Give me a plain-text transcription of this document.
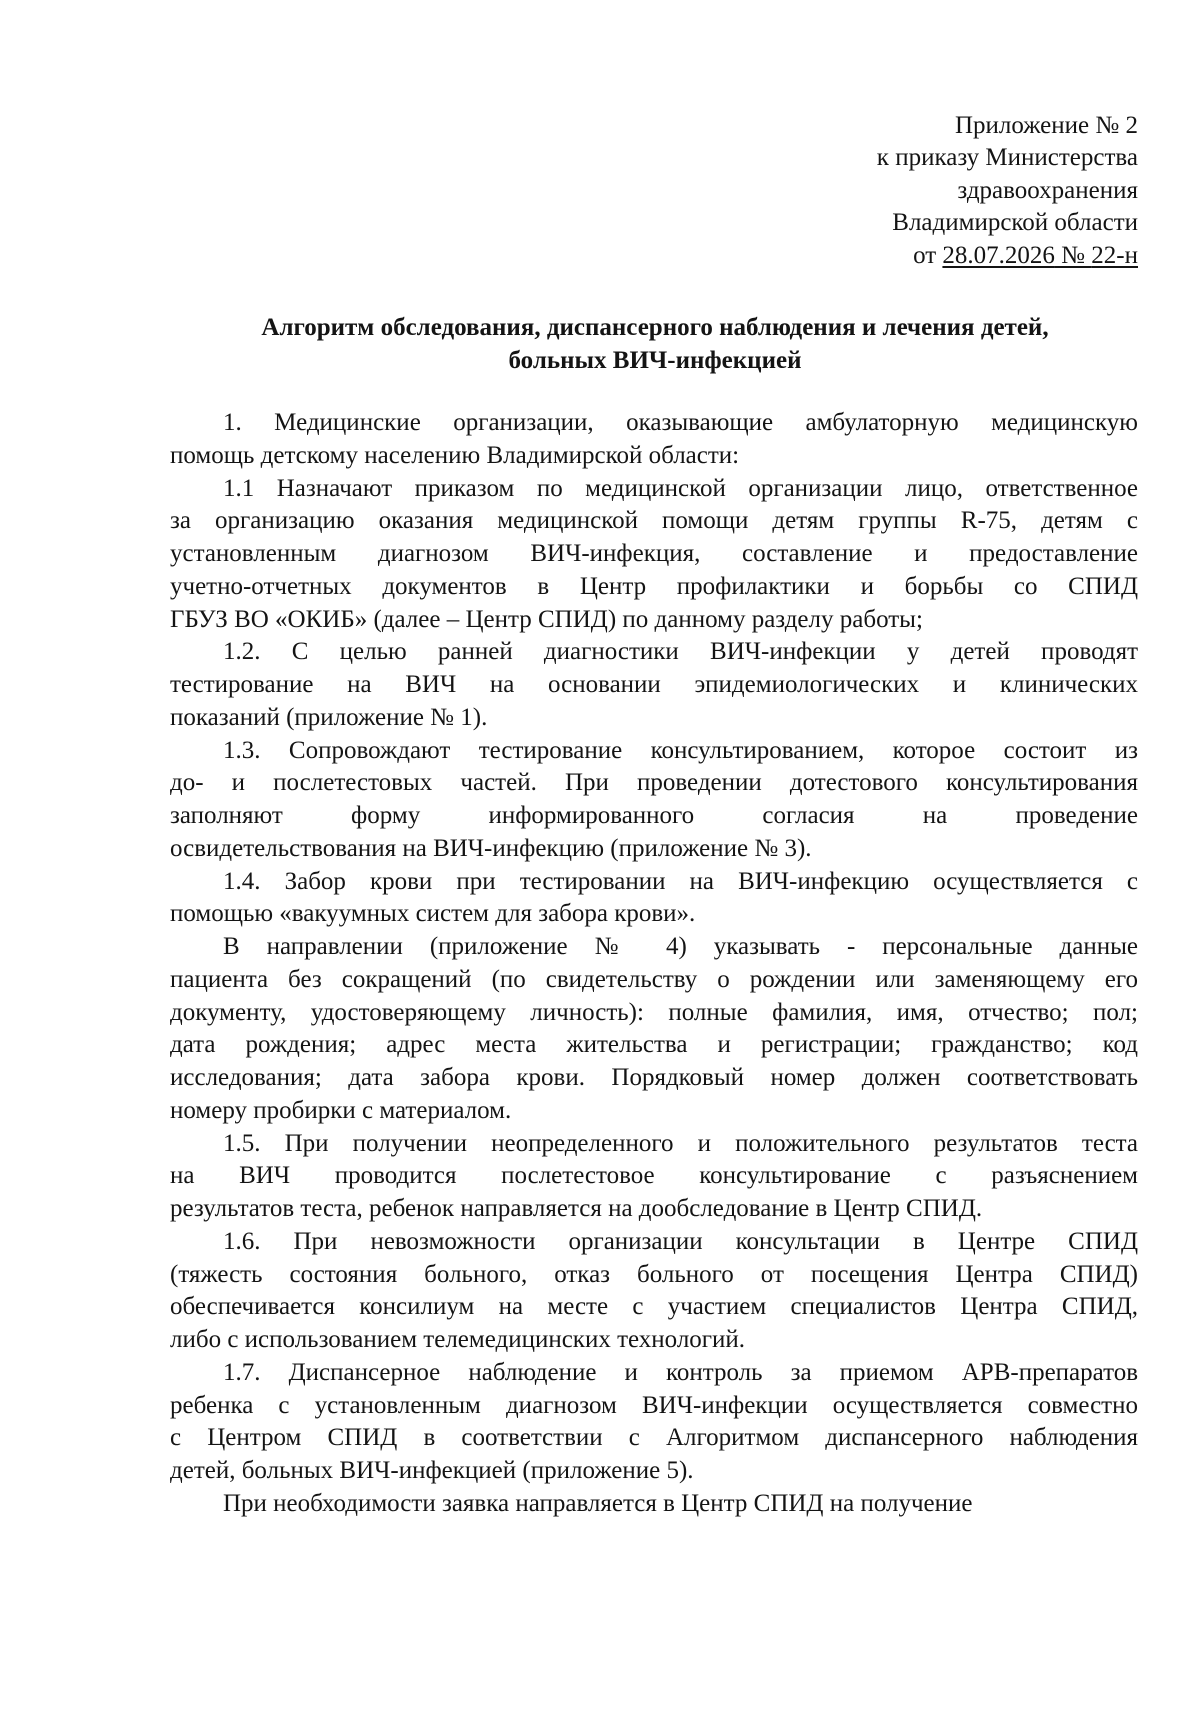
Приложение № 2
к приказу Министерства
здравоохранения
Владимирской области
от 28.07.2026 № 22-н
Алгоритм обследования, диспансерного наблюдения и лечения детей,
больных ВИЧ-инфекцией
1. Медицинские организации, оказывающие амбулаторную медицинскую
помощь детскому населению Владимирской области:
1.1 Назначают приказом по медицинской организации лицо, ответственное
за организацию оказания медицинской помощи детям группы R-75, детям с
установленным диагнозом ВИЧ-инфекция, составление и предоставление
учетно-отчетных документов в Центр профилактики и борьбы со СПИД
ГБУЗ ВО «ОКИБ» (далее – Центр СПИД) по данному разделу работы;
1.2. С целью ранней диагностики ВИЧ-инфекции у детей проводят
тестирование на ВИЧ на основании эпидемиологических и клинических
показаний (приложение № 1).
1.3. Сопровождают тестирование консультированием, которое состоит из
до- и послетестовых частей. При проведении дотестового консультирования
заполняют форму информированного согласия на проведение
освидетельствования на ВИЧ-инфекцию (приложение № 3).
1.4. Забор крови при тестировании на ВИЧ-инфекцию осуществляется с
помощью «вакуумных систем для забора крови».
В направлении (приложение № 4) указывать - персональные данные
пациента без сокращений (по свидетельству о рождении или заменяющему его
документу, удостоверяющему личность): полные фамилия, имя, отчество; пол;
дата рождения; адрес места жительства и регистрации; гражданство; код
исследования; дата забора крови. Порядковый номер должен соответствовать
номеру пробирки с материалом.
1.5. При получении неопределенного и положительного результатов теста
на ВИЧ проводится послетестовое консультирование с разъяснением
результатов теста, ребенок направляется на дообследование в Центр СПИД.
1.6. При невозможности организации консультации в Центре СПИД
(тяжесть состояния больного, отказ больного от посещения Центра СПИД)
обеспечивается консилиум на месте с участием специалистов Центра СПИД,
либо с использованием телемедицинских технологий.
1.7. Диспансерное наблюдение и контроль за приемом АРВ-препаратов
ребенка с установленным диагнозом ВИЧ-инфекции осуществляется совместно
с Центром СПИД в соответствии с Алгоритмом диспансерного наблюдения
детей, больных ВИЧ-инфекцией (приложение 5).
При необходимости заявка направляется в Центр СПИД на получение
